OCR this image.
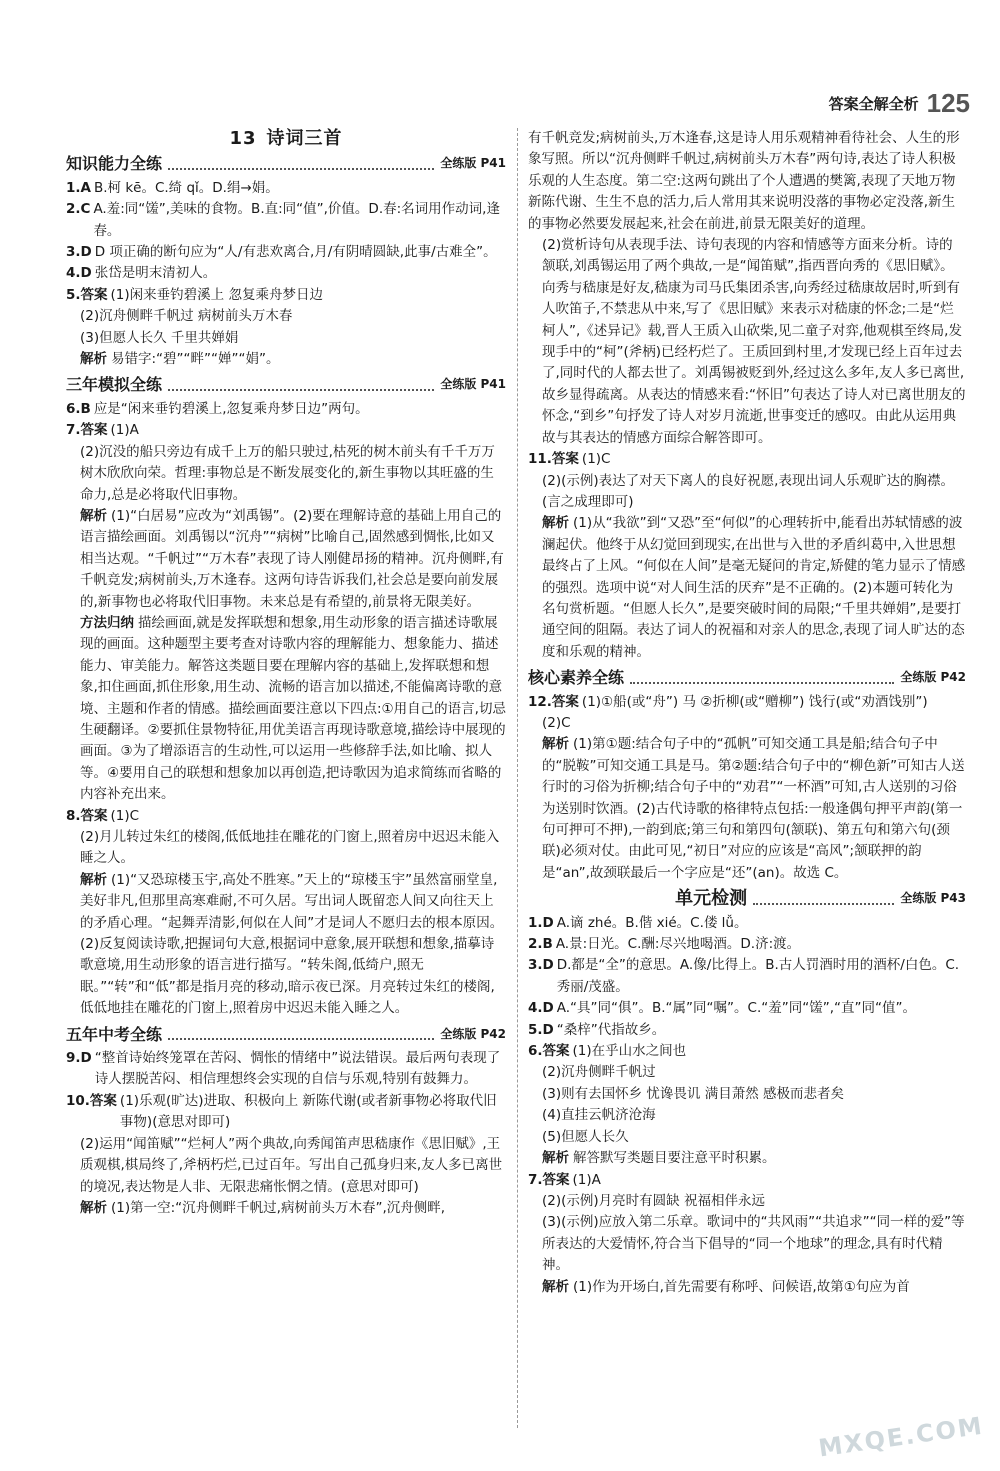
答案全解全析 125
13 诗词三首
知识能力全练	全练版 P41
1.A B.柯 kē。C.绮 qǐ。D.绢→娟。
2.C A.羞:同“馐”,美味的食物。B.直:同“值”,价值。D.春:名词用作动词,逢春。
3.D D 项正确的断句应为“人/有悲欢离合,月/有阴晴圆缺,此事/古难全”。
4.D 张岱是明末清初人。
5.答案 (1)闲来垂钓碧溪上 忽复乘舟梦日边

(2)沉舟侧畔千帆过 病树前头万木春

(3)但愿人长久 千里共婵娟

解析 易错字:“碧”“畔”“婵”“娟”。

三年模拟全练	全练版 P41
6.B 应是“闲来垂钓碧溪上,忽复乘舟梦日边”两句。
7.答案 (1)A

(2)沉没的船只旁边有成千上万的船只驶过,枯死的树木前头有千千万万树木欣欣向荣。哲理:事物总是不断发展变化的,新生事物以其旺盛的生命力,总是必将取代旧事物。

解析 (1)“白居易”应改为“刘禹锡”。(2)要在理解诗意的基础上用自己的语言描绘画面。刘禹锡以“沉舟”“病树”比喻自己,固然感到惆怅,比如又相当达观。“千帆过”“万木春”表现了诗人刚健昂扬的精神。沉舟侧畔,有千帆竞发;病树前头,万木逢春。这两句诗告诉我们,社会总是要向前发展的,新事物也必将取代旧事物。未来总是有希望的,前景将无限美好。

方法归纳 描绘画面,就是发挥联想和想象,用生动形象的语言描述诗歌展现的画面。这种题型主要考查对诗歌内容的理解能力、想象能力、描述能力、审美能力。解答这类题目要在理解内容的基础上,发挥联想和想象,扣住画面,抓住形象,用生动、流畅的语言加以描述,不能偏离诗歌的意境、主题和作者的情感。描绘画面要注意以下四点:①用自己的语言,切忌生硬翻译。②要抓住景物特征,用优美语言再现诗歌意境,描绘诗中展现的画面。③为了增添语言的生动性,可以运用一些修辞手法,如比喻、拟人等。④要用自己的联想和想象加以再创造,把诗歌因为追求简练而省略的内容补充出来。

8.答案 (1)C

(2)月儿转过朱红的楼阁,低低地挂在雕花的门窗上,照着房中迟迟未能入睡之人。

解析 (1)“又恐琼楼玉宇,高处不胜寒。”天上的“琼楼玉宇”虽然富丽堂皇,美好非凡,但那里高寒难耐,不可久居。写出词人既留恋人间又向往天上的矛盾心理。“起舞弄清影,何似在人间”才是词人不愿归去的根本原因。

(2)反复阅读诗歌,把握词句大意,根据词中意象,展开联想和想象,描摹诗歌意境,用生动形象的语言进行描写。“转朱阁,低绮户,照无眠。”“转”和“低”都是指月亮的移动,暗示夜已深。月亮转过朱红的楼阁,低低地挂在雕花的门窗上,照着房中迟迟未能入睡之人。

五年中考全练	全练版 P42
9.D “整首诗始终笼罩在苦闷、惆怅的情绪中”说法错误。最后两句表现了诗人摆脱苦闷、相信理想终会实现的自信与乐观,特别有鼓舞力。
10.答案 (1)乐观(旷达)进取、积极向上 新陈代谢(或者新事物必将取代旧事物)(意思对即可)

(2)运用“闻笛赋”“烂柯人”两个典故,向秀闻笛声思嵇康作《思旧赋》,王质观棋,棋局终了,斧柄朽烂,已过百年。写出自己孤身归来,友人多已离世的境况,表达物是人非、无限悲痛怅惘之情。(意思对即可)

解析 (1)第一空:“沉舟侧畔千帆过,病树前头万木春”,沉舟侧畔,

有千帆竞发;病树前头,万木逢春,这是诗人用乐观精神看待社会、人生的形象写照。所以“沉舟侧畔千帆过,病树前头万木春”两句诗,表达了诗人积极乐观的人生态度。第二空:这两句跳出了个人遭遇的樊篱,表现了天地万物新陈代谢、生生不息的活力,后人常用其来说明没落的事物必定没落,新生的事物必然要发展起来,社会在前进,前景无限美好的道理。

(2)赏析诗句从表现手法、诗句表现的内容和情感等方面来分析。诗的颔联,刘禹锡运用了两个典故,一是“闻笛赋”,指西晋向秀的《思旧赋》。向秀与嵇康是好友,嵇康为司马氏集团杀害,向秀经过嵇康故居时,听到有人吹笛子,不禁悲从中来,写了《思旧赋》来表示对嵇康的怀念;二是“烂柯人”,《述异记》载,晋人王质入山砍柴,见二童子对弈,他观棋至终局,发现手中的“柯”(斧柄)已经朽烂了。王质回到村里,才发现已经上百年过去了,同时代的人都去世了。刘禹锡被贬到外,经过这么多年,友人多已离世,故乡显得疏离。从表达的情感来看:“怀旧”句表达了诗人对已离世朋友的怀念,“到乡”句抒发了诗人对岁月流逝,世事变迁的感叹。由此从运用典故与其表达的情感方面综合解答即可。

11.答案 (1)C

(2)(示例)表达了对天下离人的良好祝愿,表现出词人乐观旷达的胸襟。(言之成理即可)

解析 (1)从“我欲”到“又恐”至“何似”的心理转折中,能看出苏轼情感的波澜起伏。他终于从幻觉回到现实,在出世与入世的矛盾纠葛中,入世思想最终占了上风。“何似在人间”是毫无疑问的肯定,矫健的笔力显示了情感的强烈。选项中说“对人间生活的厌弃”是不正确的。(2)本题可转化为名句赏析题。“但愿人长久”,是要突破时间的局限;“千里共婵娟”,是要打通空间的阻隔。表达了词人的祝福和对亲人的思念,表现了词人旷达的态度和乐观的精神。

核心素养全练	全练版 P42
12.答案 (1)①船(或“舟”) 马 ②折柳(或“赠柳”) 饯行(或“劝酒饯别”)

(2)C

解析 (1)第①题:结合句子中的“孤帆”可知交通工具是船;结合句子中的“脱鞍”可知交通工具是马。第②题:结合句子中的“柳色新”可知古人送行时的习俗为折柳;结合句子中的“劝君”“一杯酒”可知,古人送别的习俗为送别时饮酒。(2)古代诗歌的格律特点包括:一般逢偶句押平声韵(第一句可押可不押),一韵到底;第三句和第四句(颔联)、第五句和第六句(颈联)必须对仗。由此可见,“初日”对应的应该是“高风”;颔联押的韵是“an”,故颈联最后一个字应是“还”(an)。故选 C。

单元检测	全练版 P43
1.D A.谪 zhé。B.偕 xié。C.偻 lǚ。
2.B A.景:日光。C.酬:尽兴地喝酒。D.济:渡。
3.D D.都是“全”的意思。A.像/比得上。B.古人罚酒时用的酒杯/白色。C.秀丽/茂盛。
4.D A.“具”同“俱”。B.“属”同“嘱”。C.“羞”同“馐”,“直”同“值”。
5.D “桑梓”代指故乡。
6.答案 (1)在乎山水之间也

(2)沉舟侧畔千帆过

(3)则有去国怀乡 忧谗畏讥 满目萧然 感极而悲者矣

(4)直挂云帆济沧海

(5)但愿人长久

解析 解答默写类题目要注意平时积累。

7.答案 (1)A

(2)(示例)月亮时有圆缺 祝福相伴永远

(3)(示例)应放入第二乐章。歌词中的“共风雨”“共追求”“同一样的爱”等所表达的大爱情怀,符合当下倡导的“同一个地球”的理念,具有时代精神。

解析 (1)作为开场白,首先需要有称呼、问候语,故第①句应为首

MXQE.COM
